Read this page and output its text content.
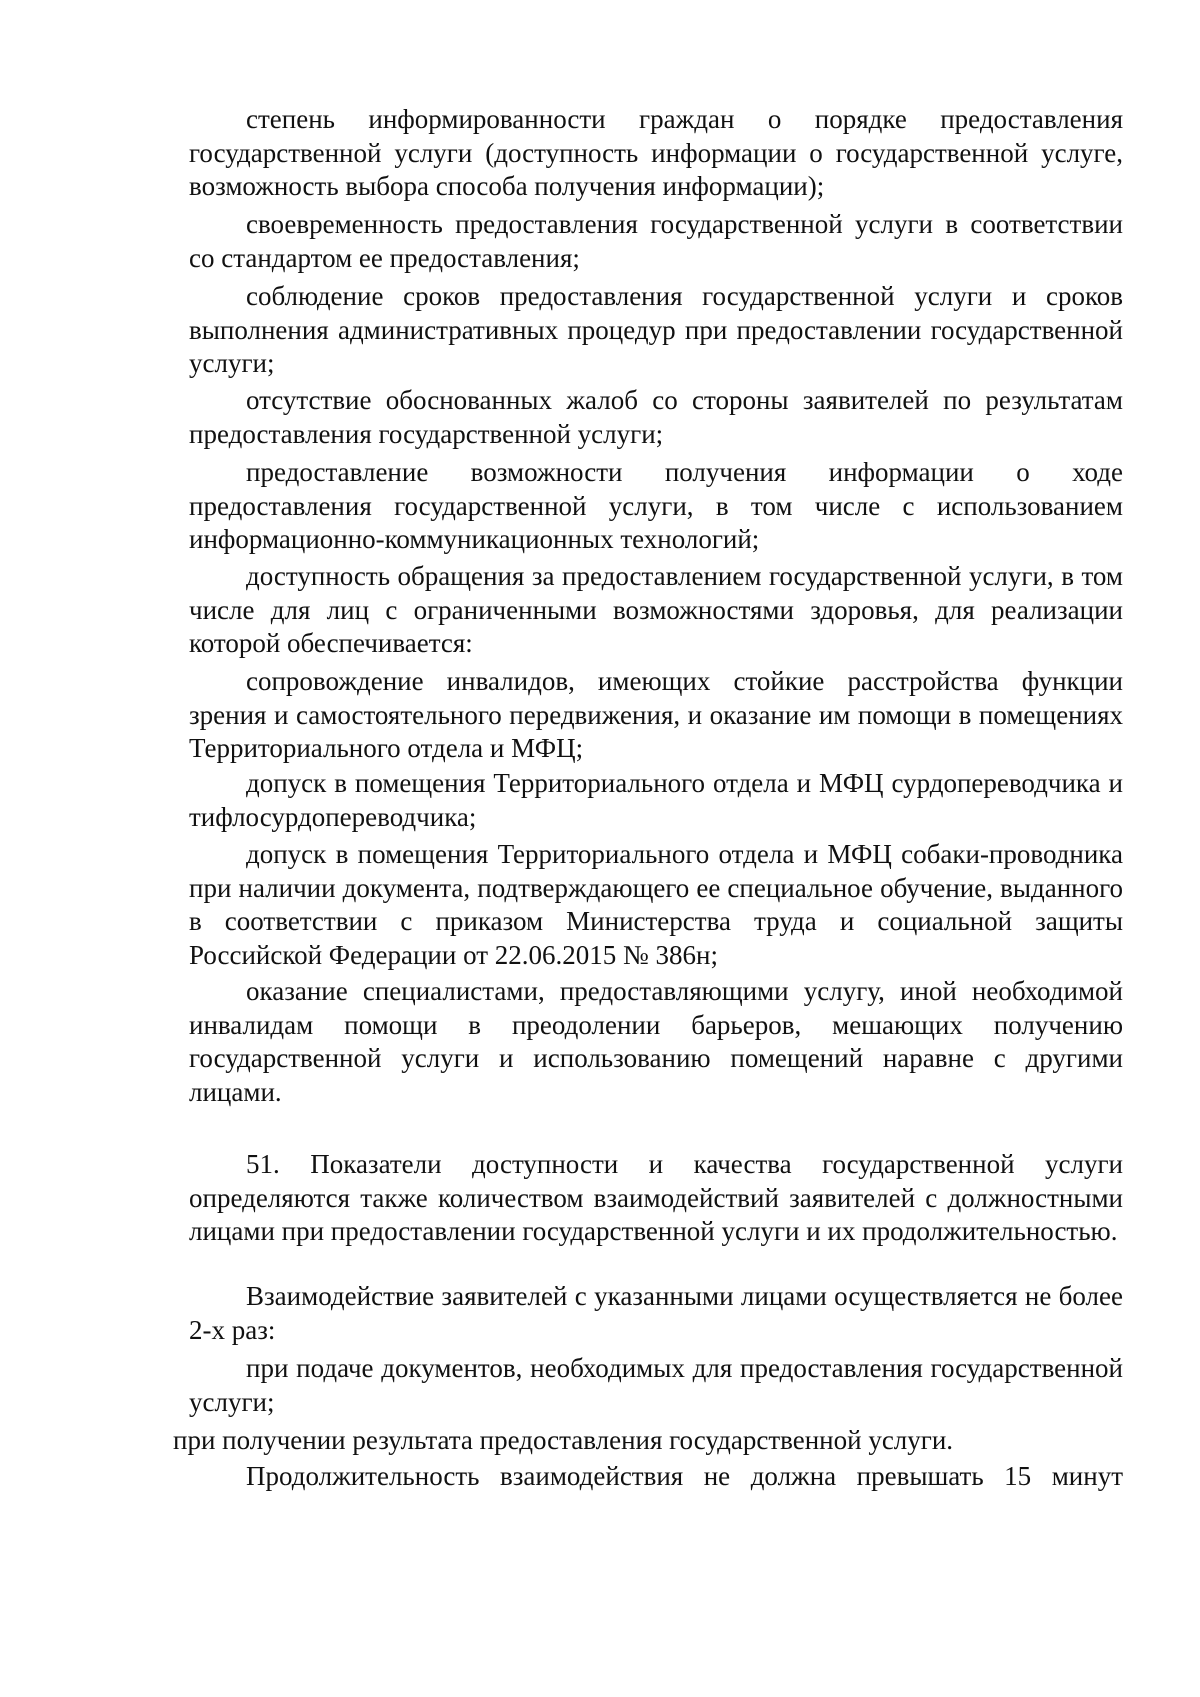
степень информированности граждан о порядке предоставления государственной услуги (доступность информации о государственной услуге, возможность выбора способа получения информации);

своевременность предоставления государственной услуги в соответствии со стандартом ее предоставления;

соблюдение сроков предоставления государственной услуги и сроков выполнения административных процедур при предоставлении государственной услуги;

отсутствие обоснованных жалоб со стороны заявителей по результатам предоставления государственной услуги;

предоставление возможности получения информации о ходе предоставления государственной услуги, в том числе с использованием информационно-коммуникационных технологий;

доступность обращения за предоставлением государственной услуги, в том числе для лиц с ограниченными возможностями здоровья, для реализации которой обеспечивается:

сопровождение инвалидов, имеющих стойкие расстройства функции зрения и самостоятельного передвижения, и оказание им помощи в помещениях Территориального отдела и МФЦ;

допуск в помещения Территориального отдела и МФЦ сурдопереводчика и тифлосурдопереводчика;

допуск в помещения Территориального отдела и МФЦ собаки-проводника при наличии документа, подтверждающего ее специальное обучение, выданного в соответствии с приказом Министерства труда и социальной защиты Российской Федерации от 22.06.2015 № 386н;

оказание специалистами, предоставляющими услугу, иной необходимой инвалидам помощи в преодолении барьеров, мешающих получению государственной услуги и использованию помещений наравне с другими лицами.

51. Показатели доступности и качества государственной услуги определяются также количеством взаимодействий заявителей с должностными лицами при предоставлении государственной услуги и их продолжительностью.

Взаимодействие заявителей с указанными лицами осуществляется не более 2-х раз:

при подаче документов, необходимых для предоставления государственной услуги;

при получении результата предоставления государственной услуги.

Продолжительность взаимодействия не должна превышать 15 минут
